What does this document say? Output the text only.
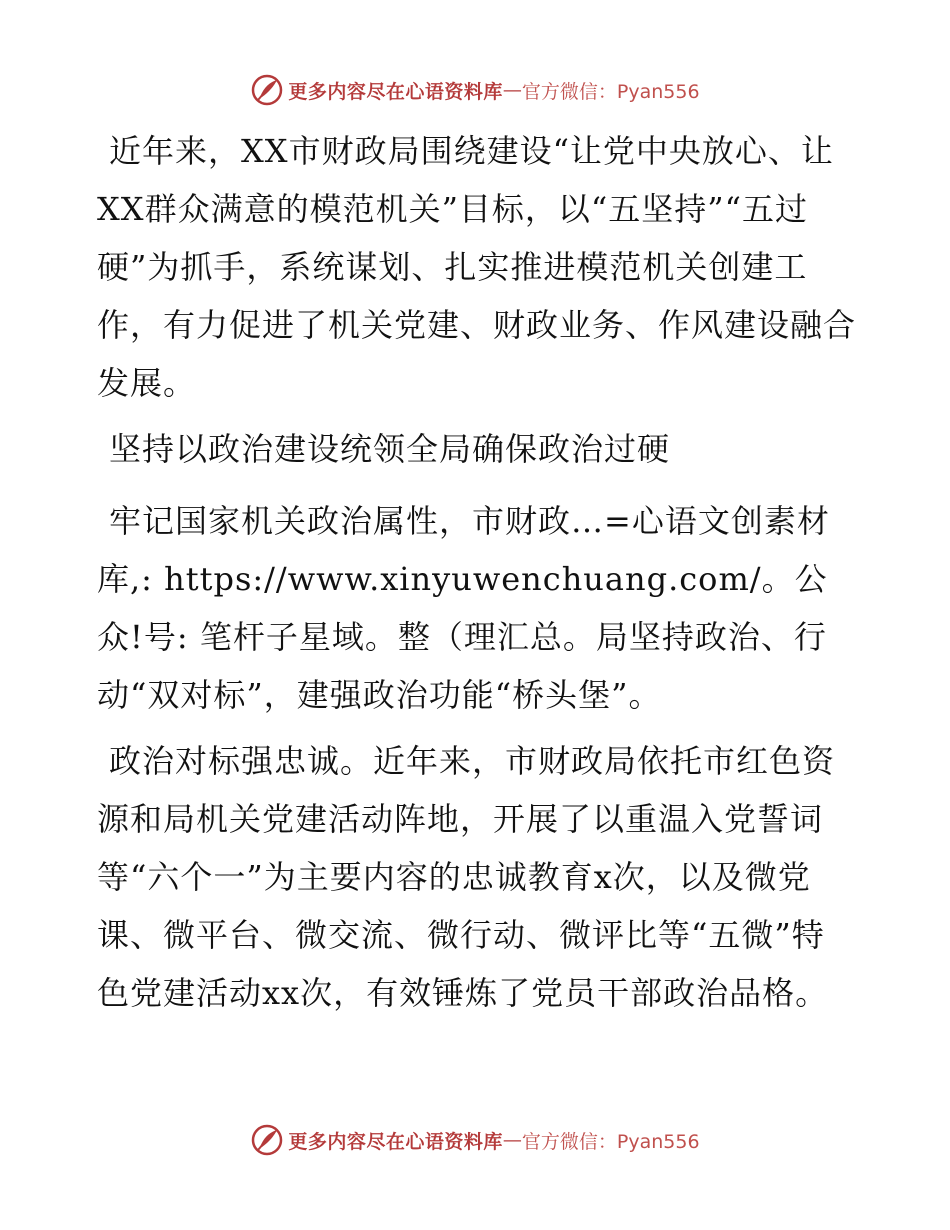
更多内容尽在心语资料库 — 官方微信：Pyan556

近年来，XX市财政局围绕建设“让党中央放心、让XX群众满意的模范机关”目标，以“五坚持”“五过硬”为抓手，系统谋划、扎实推进模范机关创建工作，有力促进了机关党建、财政业务、作风建设融合发展。

坚持以政治建设统领全局确保政治过硬

牢记国家机关政治属性，市财政…=心语文创素材库,: https://www.xinyuwenchuang.com/。公众!号: 笔杆子星域。整（理汇总。局坚持政治、行动“双对标”，建强政治功能“桥头堡”。

政治对标强忠诚。近年来，市财政局依托市红色资源和局机关党建活动阵地，开展了以重温入党誓词等“六个一”为主要内容的忠诚教育x次，以及微党课、微平台、微交流、微行动、微评比等“五微”特色党建活动xx次，有效锤炼了党员干部政治品格。

更多内容尽在心语资料库 — 官方微信：Pyan556
